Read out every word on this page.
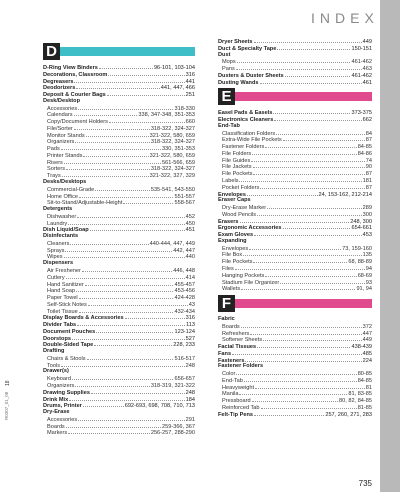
INDEX
18
R0307_01_08
735
D
D-Ring View Binders	96-101, 103-104
Decorations, Classroom	316
Degreasers	441
Deodorizers	441, 447, 466
Deposit & Courier Bags	251
Desk/Desktop
Accessories	318-330
Calendars	338, 347-348, 351-353
Copy/Document Holders	660
File/Sorter	318-322, 324-327
Monitor Stands	321-322, 580, 659
Organizers	318-322, 324-327
Pads	330, 351-353
Printer Stands	321-322, 580, 659
Risers	561-566, 659
Sorters	318-322, 324-327
Trays	321-322, 327, 329
Desks/Desktops
Commercial-Grade	535-541, 543-550
Home Office	551-557
Sit-to-Stand/Adjustable-Height	558-567
Detergents
Dishwasher	452
Laundry	450
Dish Liquid/Soap	451
Disinfectants
Cleaners	440-444, 447, 449
Sprays	442, 447
Wipes	440
Dispensers
Air Freshener	446, 448
Cutlery	414
Hand Sanitizer	455-457
Hand Soap	453-456
Paper Towel	424-428
Self-Stick Notes	43
Toilet Tissue	432-434
Display Boards & Accessories	316
Divider Tabs	113
Document Pouches	123-124
Doorstops	527
Double-Sided Tape	228, 233
Drafting
Chairs & Stools	516-517
Tools	248
Drawer(s)
Keyboard	656-657
Organizers	318-319, 321-322
Drawing Supplies	248
Drink Mix	184
Drums, Printer	692-693, 698, 708, 710, 713
Dry-Erase
Accessories	291
Boards	259-366, 367
Markers	256-257, 288-290
Dryer Sheets	449
Duct & Specialty Tape	150-151
Dust
Mops	461-462
Pans	463
Dusters & Duster Sheets	461-462
Dusting Wands	461
E
Easel Pads & Easels	373-375
Electronics Cleaners	662
End-Tab
Classification Folders	84
Extra-Wide File Pockets	87
Fastener Folders	84-85
File Folders	84-86
File Guides	74
File Jackets	90
File Pockets	87
Labels	181
Pocket Folders	87
Envelopes	24, 153-162, 212-214
Eraser Caps
Dry-Erase Marker	289
Wood Pencils	300
Erasers	248, 300
Ergonomic Accessories	654-661
Exam Gloves	453
Expanding
Envelopes	73, 159-160
File Box	135
File Pockets	68, 88-89
Files	94
Hanging Pockets	68-69
Stadium File Organizer	93
Wallets	91, 94
F
Fabric
Boards	372
Refreshers	447
Softener Sheets	449
Facial Tissues	438-439
Fans	485
Fasteners	224
Fastener Folders
Color	80-85
End-Tab	84-85
Heavyweight	81
Manila	81, 83-85
Pressboard	80, 82, 84-85
Reinforced Tab	81-85
Felt-Tip Pens	257, 260, 271, 283
